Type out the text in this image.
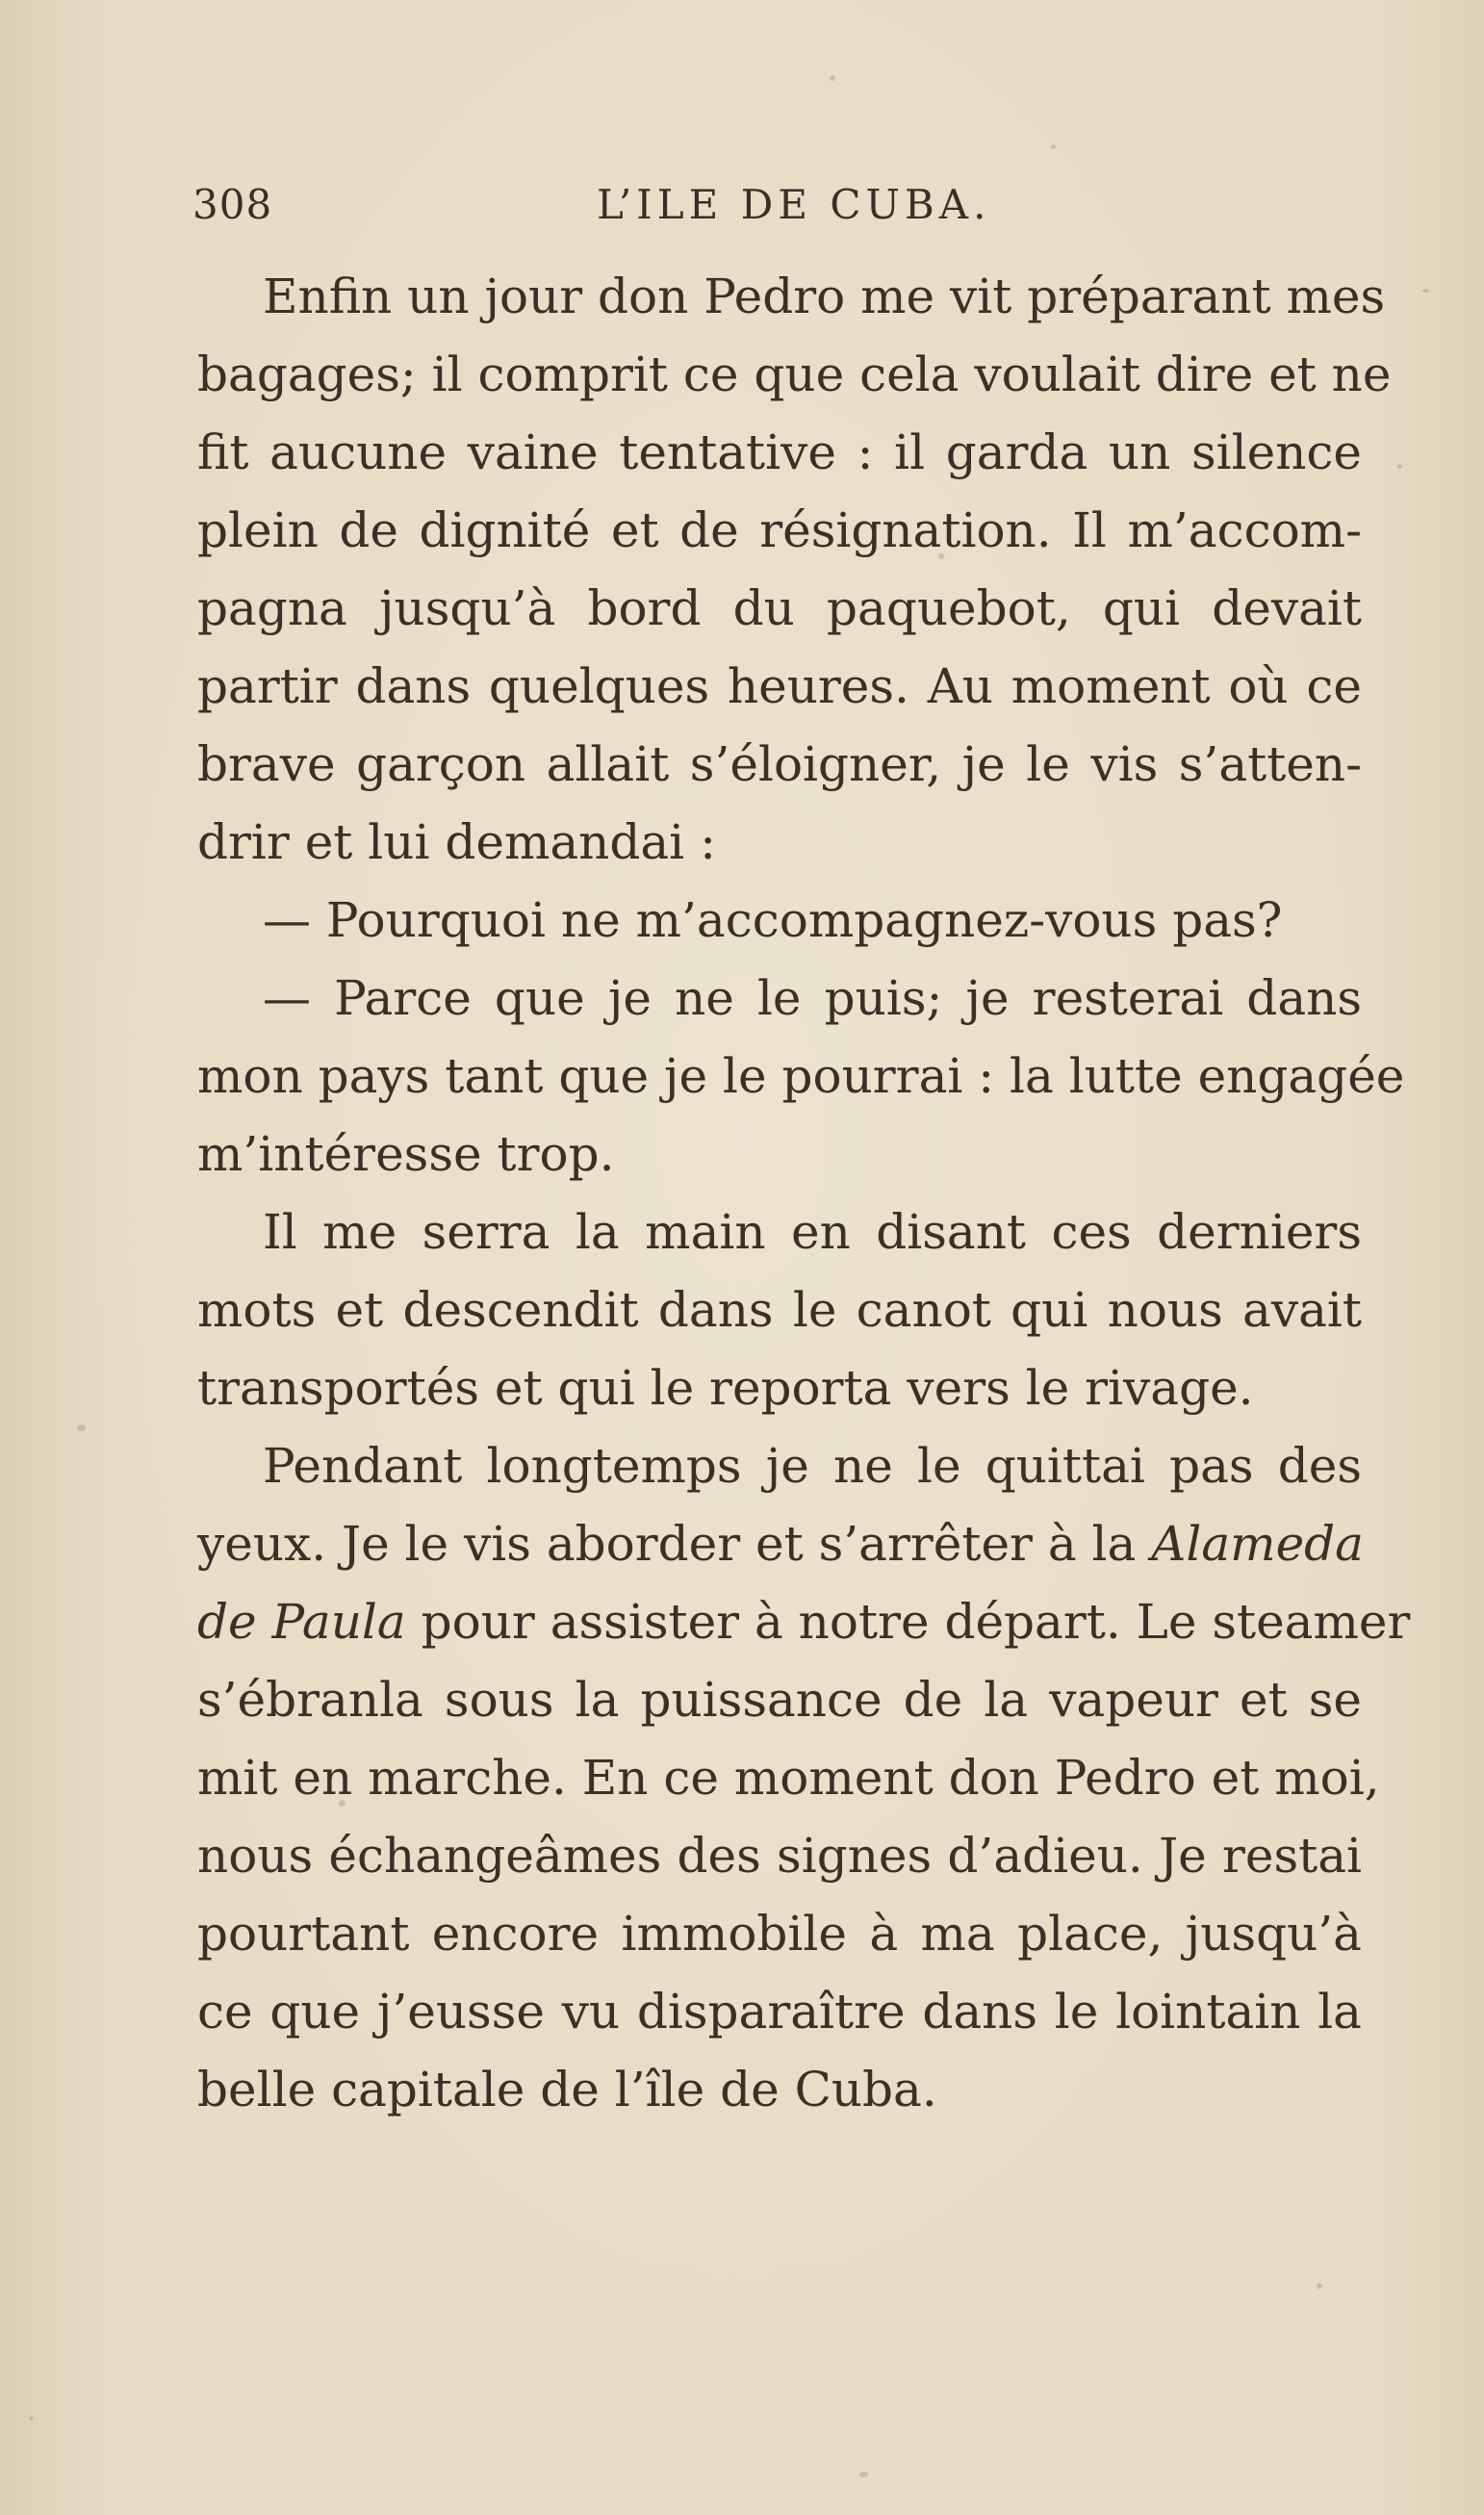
308	L’ILE DE CUBA.
Enfin un jour don Pedro me vit préparant mes
bagages; il comprit ce que cela voulait dire et ne
fit aucune vaine tentative : il garda un silence
plein de dignité et de résignation. Il m’accom-
pagna jusqu’à bord du paquebot, qui devait
partir dans quelques heures. Au moment où ce
brave garçon allait s’éloigner, je le vis s’atten-
drir et lui demandai :
— Pourquoi ne m’accompagnez-vous pas?
— Parce que je ne le puis; je resterai dans
mon pays tant que je le pourrai : la lutte engagée
m’intéresse trop.
Il me serra la main en disant ces derniers
mots et descendit dans le canot qui nous avait
transportés et qui le reporta vers le rivage.
Pendant longtemps je ne le quittai pas des
yeux. Je le vis aborder et s’arrêter à la Alameda
de Paula pour assister à notre départ. Le steamer
s’ébranla sous la puissance de la vapeur et se
mit en marche. En ce moment don Pedro et moi,
nous échangeâmes des signes d’adieu. Je restai
pourtant encore immobile à ma place, jusqu’à
ce que j’eusse vu disparaître dans le lointain la
belle capitale de l’île de Cuba.
